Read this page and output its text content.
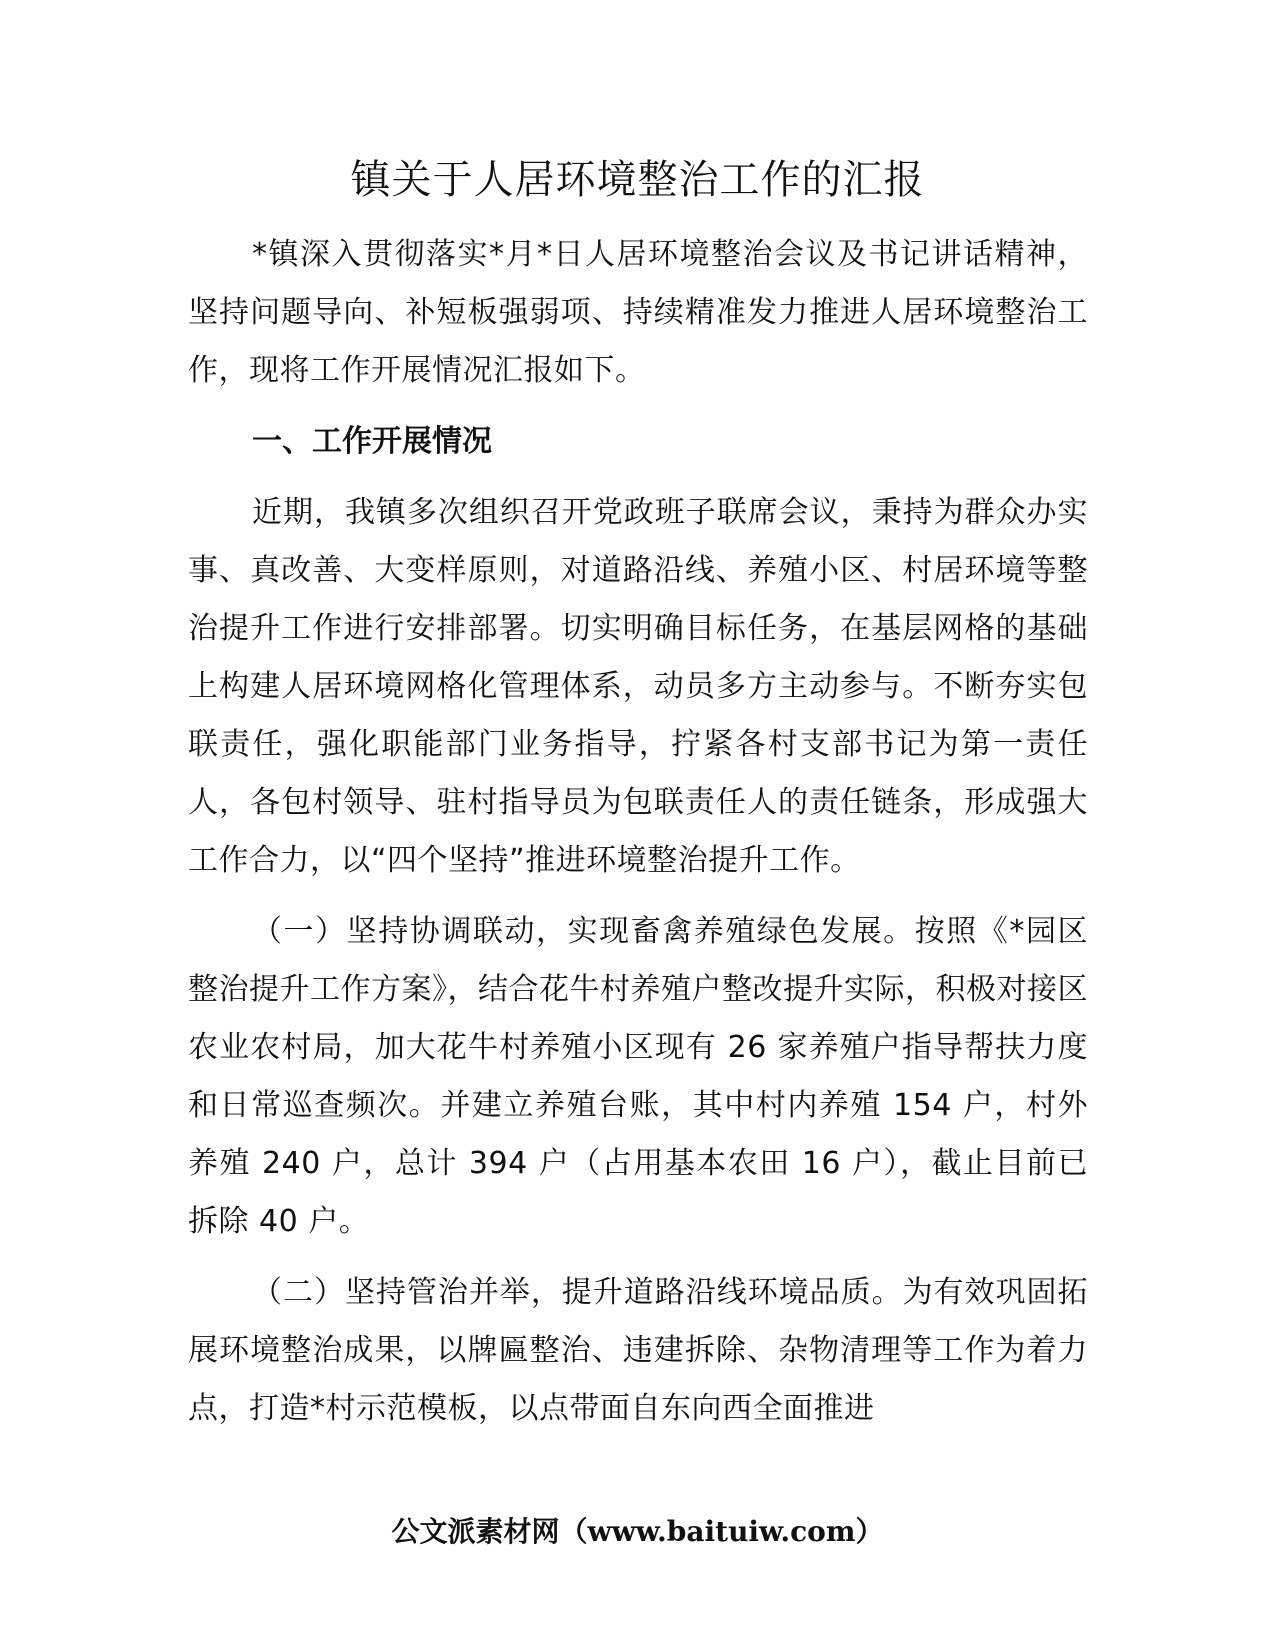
镇关于人居环境整治工作的汇报

*镇深入贯彻落实*月*日人居环境整治会议及书记讲话精神，坚持问题导向、补短板强弱项、持续精准发力推进人居环境整治工作，现将工作开展情况汇报如下。

一、工作开展情况

近期，我镇多次组织召开党政班子联席会议，秉持为群众办实事、真改善、大变样原则，对道路沿线、养殖小区、村居环境等整治提升工作进行安排部署。切实明确目标任务，在基层网格的基础上构建人居环境网格化管理体系，动员多方主动参与。不断夯实包联责任，强化职能部门业务指导，拧紧各村支部书记为第一责任人，各包村领导、驻村指导员为包联责任人的责任链条，形成强大工作合力，以“四个坚持”推进环境整治提升工作。

（一）坚持协调联动，实现畜禽养殖绿色发展。按照《*园区整治提升工作方案》，结合花牛村养殖户整改提升实际，积极对接区农业农村局，加大花牛村养殖小区现有 26 家养殖户指导帮扶力度和日常巡查频次。并建立养殖台账，其中村内养殖 154 户，村外养殖 240 户，总计 394 户（占用基本农田 16 户），截止目前已拆除 40 户。

（二）坚持管治并举，提升道路沿线环境品质。为有效巩固拓展环境整治成果，以牌匾整治、违建拆除、杂物清理等工作为着力点，打造*村示范模板，以点带面自东向西全面推进

公文派素材网（www.baituiw.com）
